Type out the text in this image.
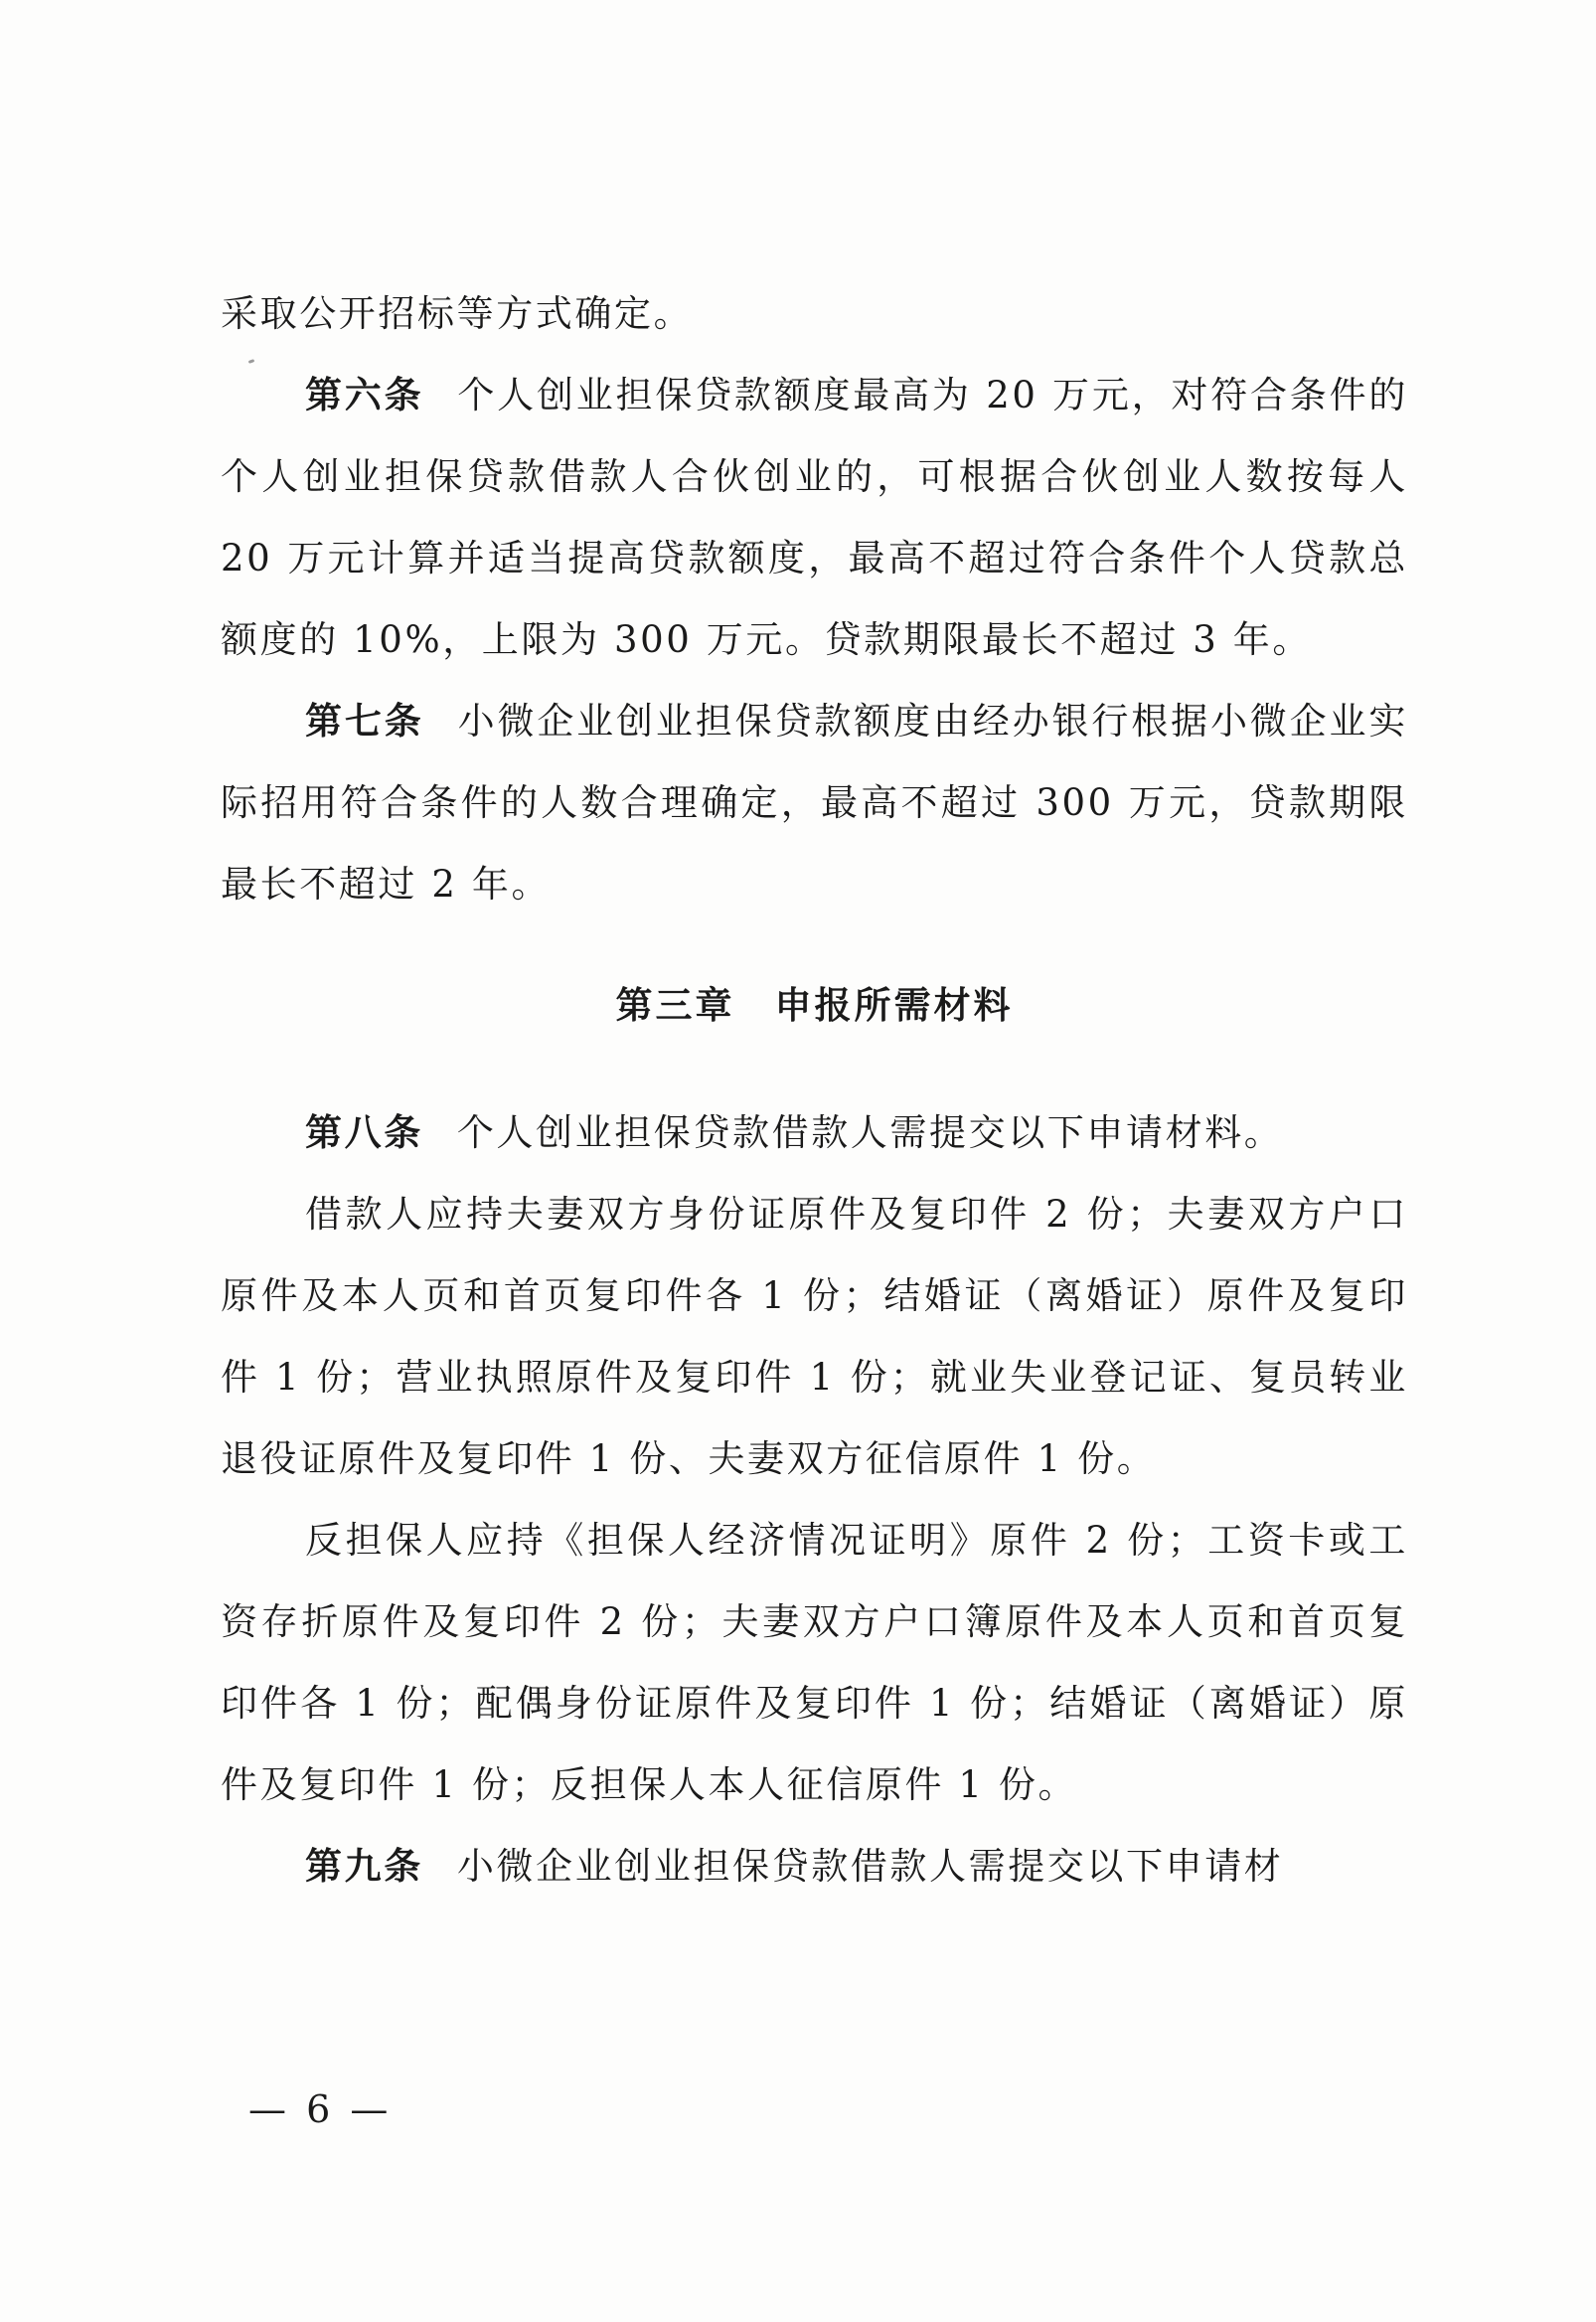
采取公开招标等方式确定。

第六条 个人创业担保贷款额度最高为 20 万元，对符合条件的个人创业担保贷款借款人合伙创业的，可根据合伙创业人数按每人 20 万元计算并适当提高贷款额度，最高不超过符合条件个人贷款总额度的 10%，上限为 300 万元。贷款期限最长不超过 3 年。

第七条 小微企业创业担保贷款额度由经办银行根据小微企业实际招用符合条件的人数合理确定，最高不超过 300 万元，贷款期限最长不超过 2 年。

第三章 申报所需材料

第八条 个人创业担保贷款借款人需提交以下申请材料。

借款人应持夫妻双方身份证原件及复印件 2 份；夫妻双方户口原件及本人页和首页复印件各 1 份；结婚证（离婚证）原件及复印件 1 份；营业执照原件及复印件 1 份；就业失业登记证、复员转业退役证原件及复印件 1 份、夫妻双方征信原件 1 份。

反担保人应持《担保人经济情况证明》原件 2 份；工资卡或工资存折原件及复印件 2 份；夫妻双方户口簿原件及本人页和首页复印件各 1 份；配偶身份证原件及复印件 1 份；结婚证（离婚证）原件及复印件 1 份；反担保人本人征信原件 1 份。

第九条 小微企业创业担保贷款借款人需提交以下申请材

— 6 —
